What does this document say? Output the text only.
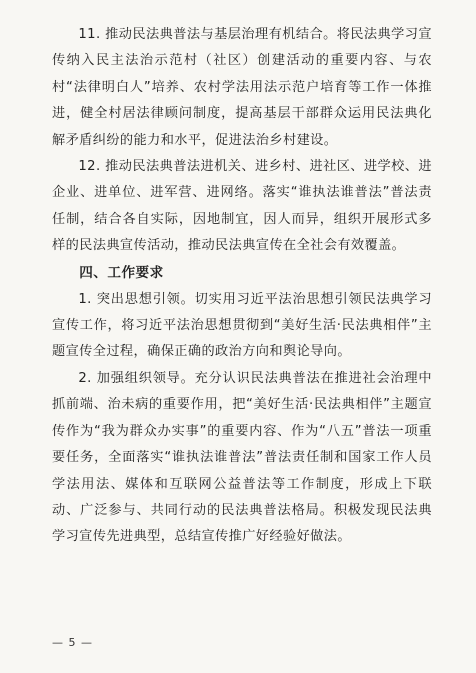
11. 推动民法典普法与基层治理有机结合。将民法典学习宣传纳入民主法治示范村（社区）创建活动的重要内容、与农村“法律明白人”培养、农村学法用法示范户培育等工作一体推进，健全村居法律顾问制度，提高基层干部群众运用民法典化解矛盾纠纷的能力和水平，促进法治乡村建设。

12. 推动民法典普法进机关、进乡村、进社区、进学校、进企业、进单位、进军营、进网络。落实“谁执法谁普法”普法责任制，结合各自实际，因地制宜，因人而异，组织开展形式多样的民法典宣传活动，推动民法典宣传在全社会有效覆盖。

四、工作要求

1. 突出思想引领。切实用习近平法治思想引领民法典学习宣传工作，将习近平法治思想贯彻到“美好生活·民法典相伴”主题宣传全过程，确保正确的政治方向和舆论导向。

2. 加强组织领导。充分认识民法典普法在推进社会治理中抓前端、治未病的重要作用，把“美好生活·民法典相伴”主题宣传作为“我为群众办实事”的重要内容、作为“八五”普法一项重要任务，全面落实“谁执法谁普法”普法责任制和国家工作人员学法用法、媒体和互联网公益普法等工作制度，形成上下联动、广泛参与、共同行动的民法典普法格局。积极发现民法典学习宣传先进典型，总结宣传推广好经验好做法。

— 5 —
